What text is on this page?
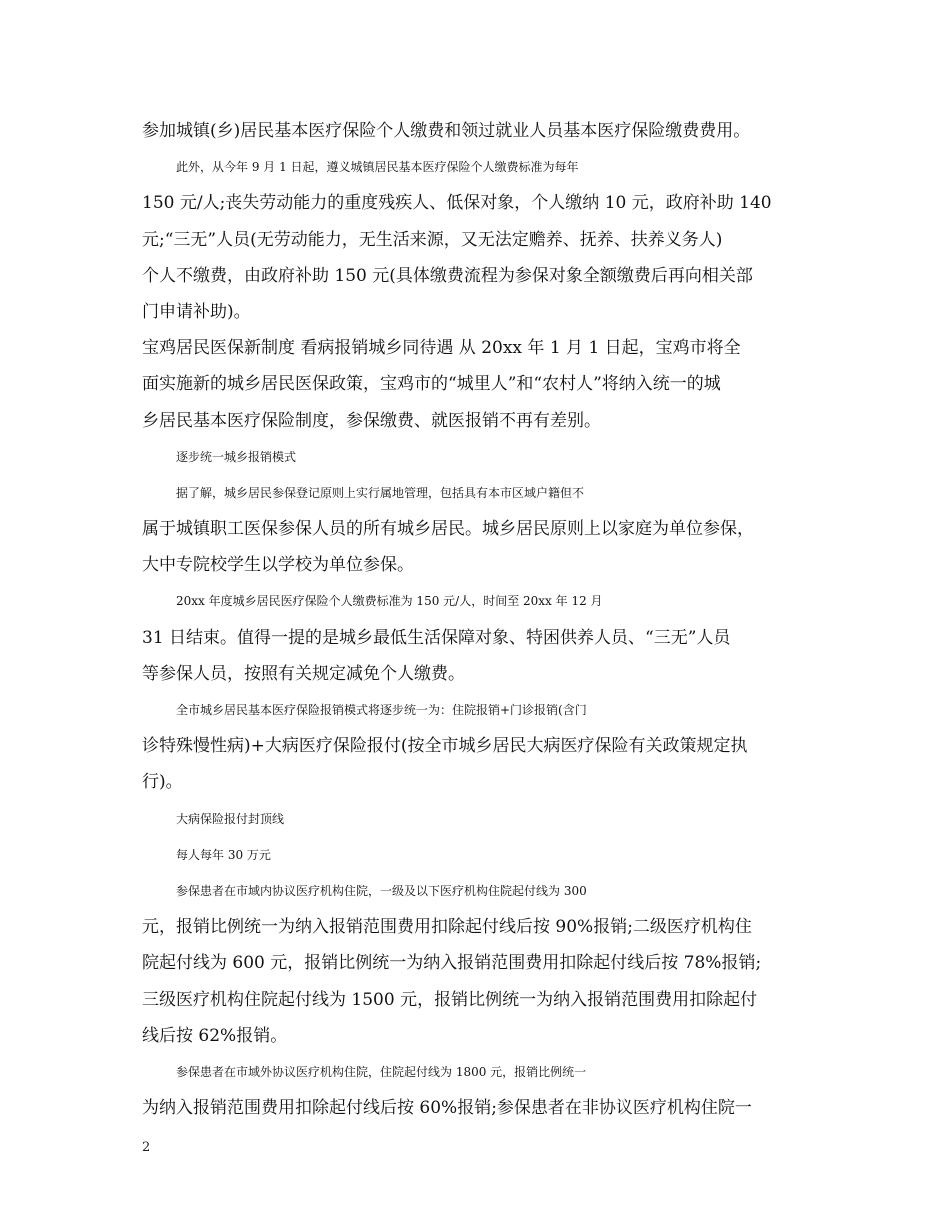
参加城镇(乡)居民基本医疗保险个人缴费和领过就业人员基本医疗保险缴费费用。
此外，从今年 9 月 1 日起，遵义城镇居民基本医疗保险个人缴费标准为每年
150 元/人;丧失劳动能力的重度残疾人、低保对象，个人缴纳 10 元，政府补助 140
元;“三无”人员(无劳动能力，无生活来源，又无法定赡养、抚养、扶养义务人)
个人不缴费，由政府补助 150 元(具体缴费流程为参保对象全额缴费后再向相关部
门申请补助)。
宝鸡居民医保新制度 看病报销城乡同待遇 从 20xx 年 1 月 1 日起，宝鸡市将全
面实施新的城乡居民医保政策，宝鸡市的“城里人”和“农村人”将纳入统一的城
乡居民基本医疗保险制度，参保缴费、就医报销不再有差别。
逐步统一城乡报销模式
据了解，城乡居民参保登记原则上实行属地管理，包括具有本市区域户籍但不
属于城镇职工医保参保人员的所有城乡居民。城乡居民原则上以家庭为单位参保，
大中专院校学生以学校为单位参保。
20xx 年度城乡居民医疗保险个人缴费标准为 150 元/人，时间至 20xx 年 12 月
31 日结束。值得一提的是城乡最低生活保障对象、特困供养人员、“三无”人员
等参保人员，按照有关规定减免个人缴费。
全市城乡居民基本医疗保险报销模式将逐步统一为：住院报销+门诊报销(含门
诊特殊慢性病)+大病医疗保险报付(按全市城乡居民大病医疗保险有关政策规定执
行)。
大病保险报付封顶线
每人每年 30 万元
参保患者在市域内协议医疗机构住院，一级及以下医疗机构住院起付线为 300
元，报销比例统一为纳入报销范围费用扣除起付线后按 90%报销;二级医疗机构住
院起付线为 600 元，报销比例统一为纳入报销范围费用扣除起付线后按 78%报销;
三级医疗机构住院起付线为 1500 元，报销比例统一为纳入报销范围费用扣除起付
线后按 62%报销。
参保患者在市域外协议医疗机构住院，住院起付线为 1800 元，报销比例统一
为纳入报销范围费用扣除起付线后按 60%报销;参保患者在非协议医疗机构住院一
2
